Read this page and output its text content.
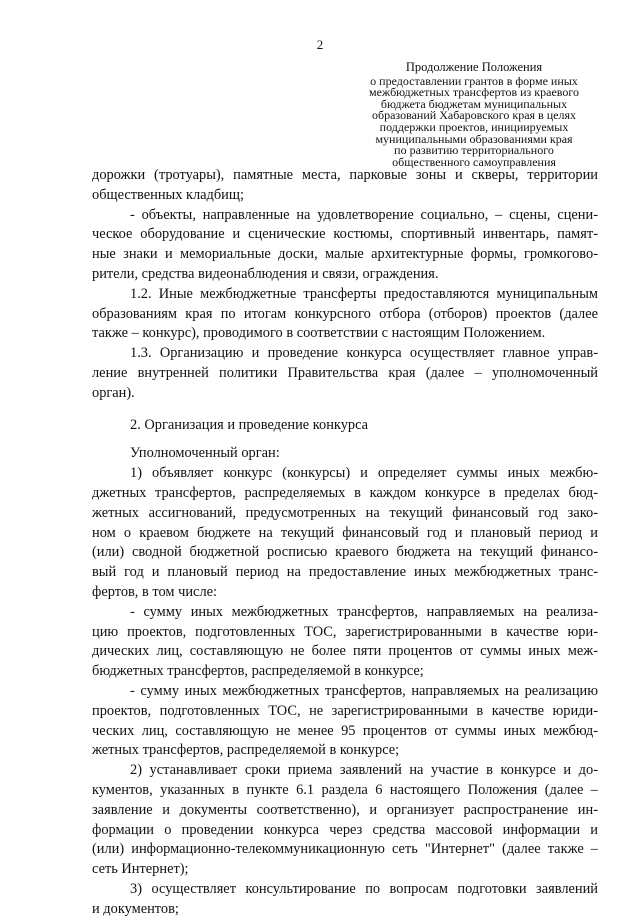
2
Продолжение Положения
о предоставлении грантов в форме иных
межбюджетных трансфертов из краевого
бюджета бюджетам муниципальных
образований Хабаровского края в целях
поддержки проектов, инициируемых
муниципальными образованиями края
по развитию территориального
общественного самоуправления
дорожки (тротуары), памятные места, парковые зоны и скверы, территории
общественных кладбищ;
- объекты, направленные на удовлетворение социально, – сцены, сцени-
ческое оборудование и сценические костюмы, спортивный инвентарь, памят-
ные знаки и мемориальные доски, малые архитектурные формы, громкогово-
рители, средства видеонаблюдения и связи, ограждения.
1.2. Иные межбюджетные трансферты предоставляются муниципальным
образованиям края по итогам конкурсного отбора (отборов) проектов (далее
также – конкурс), проводимого в соответствии с настоящим Положением.
1.3. Организацию и проведение конкурса осуществляет главное управ-
ление внутренней политики Правительства края (далее – уполномоченный
орган).
2. Организация и проведение конкурса
Уполномоченный орган:
1) объявляет конкурс (конкурсы) и определяет суммы иных межбю-
джетных трансфертов, распределяемых в каждом конкурсе в пределах бюд-
жетных ассигнований, предусмотренных на текущий финансовый год зако-
ном о краевом бюджете на текущий финансовый год и плановый период и
(или) сводной бюджетной росписью краевого бюджета на текущий финансо-
вый год и плановый период на предоставление иных межбюджетных транс-
фертов, в том числе:
- сумму иных межбюджетных трансфертов, направляемых на реализа-
цию проектов, подготовленных ТОС, зарегистрированными в качестве юри-
дических лиц, составляющую не более пяти процентов от суммы иных меж-
бюджетных трансфертов, распределяемой в конкурсе;
- сумму иных межбюджетных трансфертов, направляемых на реализацию
проектов, подготовленных ТОС, не зарегистрированными в качестве юриди-
ческих лиц, составляющую не менее 95 процентов от суммы иных межбюд-
жетных трансфертов, распределяемой в конкурсе;
2) устанавливает сроки приема заявлений на участие в конкурсе и до-
кументов, указанных в пункте 6.1 раздела 6 настоящего Положения (далее –
заявление и документы соответственно), и организует распространение ин-
формации о проведении конкурса через средства массовой информации и
(или) информационно-телекоммуникационную сеть "Интернет" (далее также –
сеть Интернет);
3) осуществляет консультирование по вопросам подготовки заявлений
и документов;
